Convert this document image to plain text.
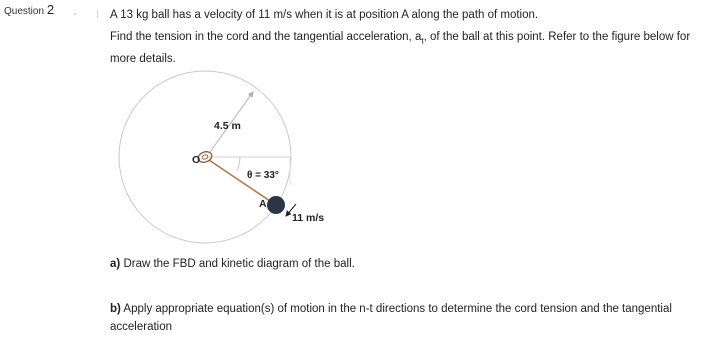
Question 2	A 13 kg ball has a velocity of 11 m/s when it is at position A along the path of motion.
Find the tension in the cord and the tangential acceleration, $a_t$, of the ball at this point. Refer to the figure below for more details.
4.5 m
O
θ = 33°
A
11 m/s
a) Draw the FBD and kinetic diagram of the ball.
b) Apply appropriate equation(s) of motion in the n-t directions to determine the cord tension and the tangential acceleration
